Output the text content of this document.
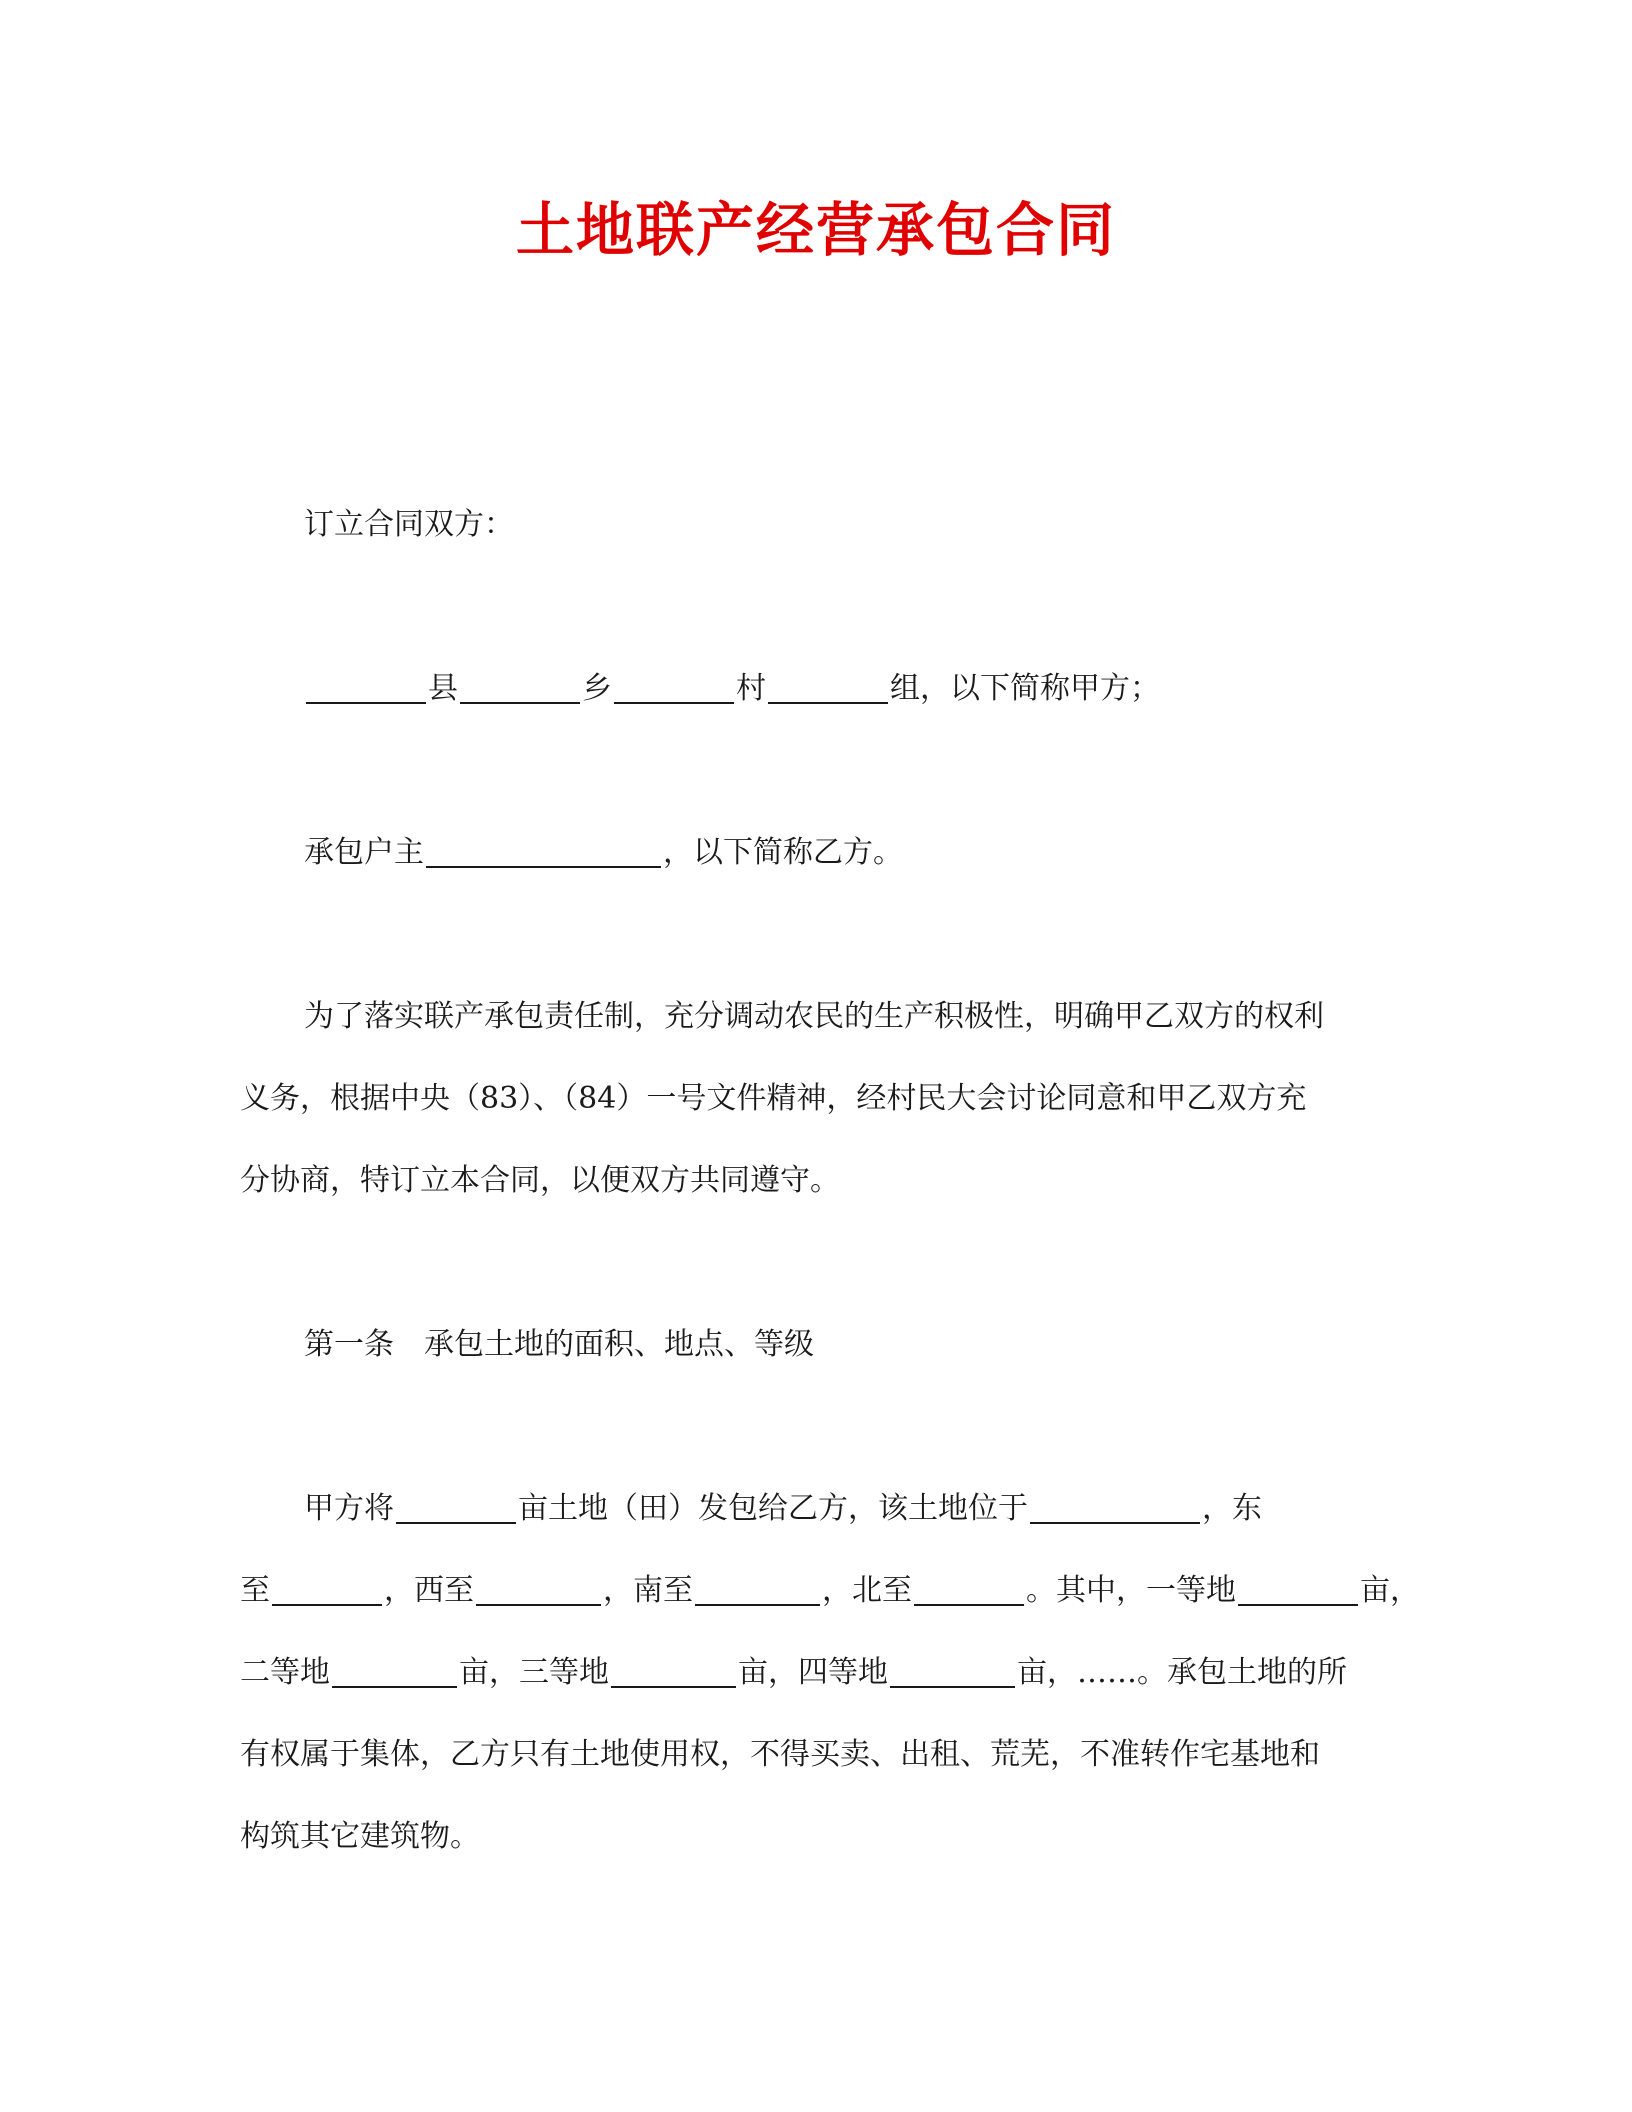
土地联产经营承包合同
订立合同双方：
县	乡	村	组，以下简称甲方；
承包户主	，以下简称乙方。
为了落实联产承包责任制，充分调动农民的生产积极性，明确甲乙双方的权利
义务，根据中央（83）、（84）一号文件精神，经村民大会讨论同意和甲乙双方充
分协商，特订立本合同，以便双方共同遵守。
第一条　承包土地的面积、地点、等级
甲方将	亩土地（田）发包给乙方，该土地位于	，东
至	，西至	，南至	，北至	。其中，一等地	亩，
二等地	亩，三等地	亩，四等地	亩，……。承包土地的所
有权属于集体，乙方只有土地使用权，不得买卖、出租、荒芜，不准转作宅基地和
构筑其它建筑物。
